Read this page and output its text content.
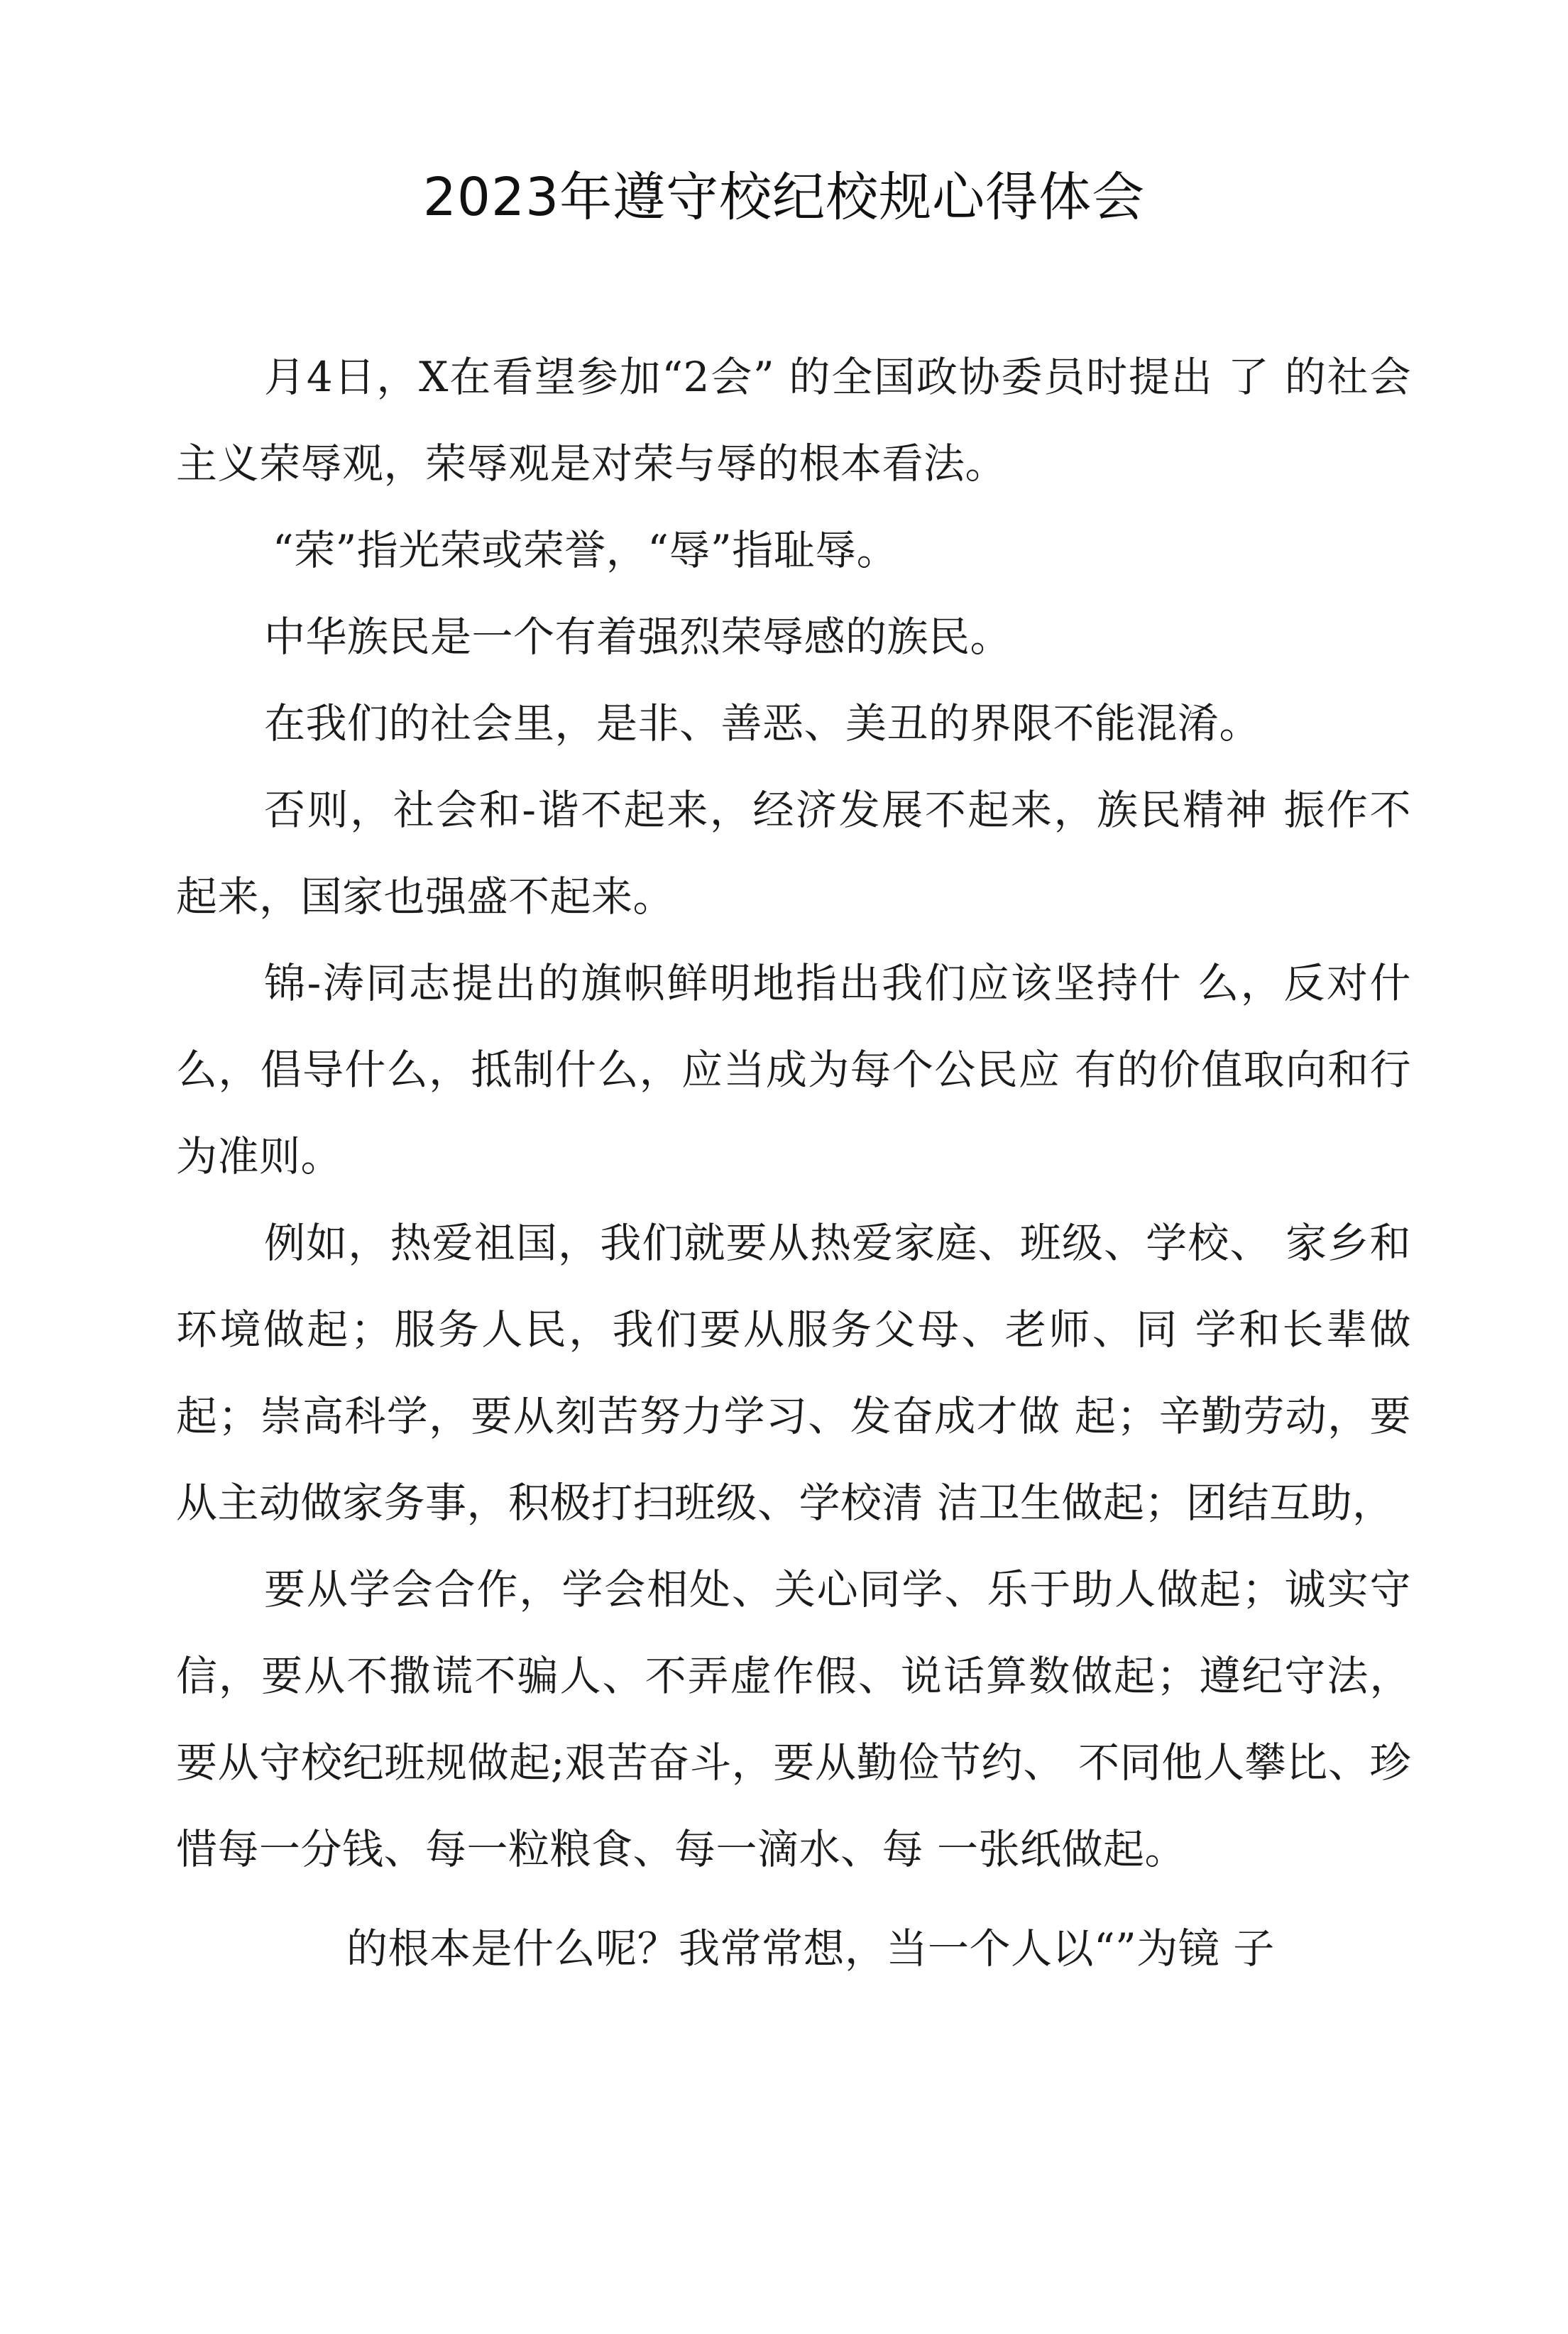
2023年遵守校纪校规心得体会

月4日，X在看望参加“2会” 的全国政协委员时提出 了 的社会主义荣辱观，荣辱观是对荣与辱的根本看法。

“荣”指光荣或荣誉，“辱”指耻辱。

中华族民是一个有着强烈荣辱感的族民。

在我们的社会里，是非、善恶、美丑的界限不能混淆。

否则，社会和-谐不起来，经济发展不起来，族民精神 振作不起来，国家也强盛不起来。

锦-涛同志提出的旗帜鲜明地指出我们应该坚持什 么，反对什么，倡导什么，抵制什么，应当成为每个公民应 有的价值取向和行为准则。

例如，热爱祖国，我们就要从热爱家庭、班级、学校、 家乡和环境做起；服务人民，我们要从服务父母、老师、同 学和长辈做起；崇高科学，要从刻苦努力学习、发奋成才做 起；辛勤劳动，要从主动做家务事，积极打扫班级、学校清 洁卫生做起；团结互助，

要从学会合作，学会相处、关心同学、乐于助人做起；诚实守信，要从不撒谎不骗人、不弄虚作假、说话算数做起；遵纪守法，要从守校纪班规做起;艰苦奋斗，要从勤俭节约、 不同他人攀比、珍惜每一分钱、每一粒粮食、每一滴水、每 一张纸做起。

的根本是什么呢？我常常想，当一个人以“”为镜 子
